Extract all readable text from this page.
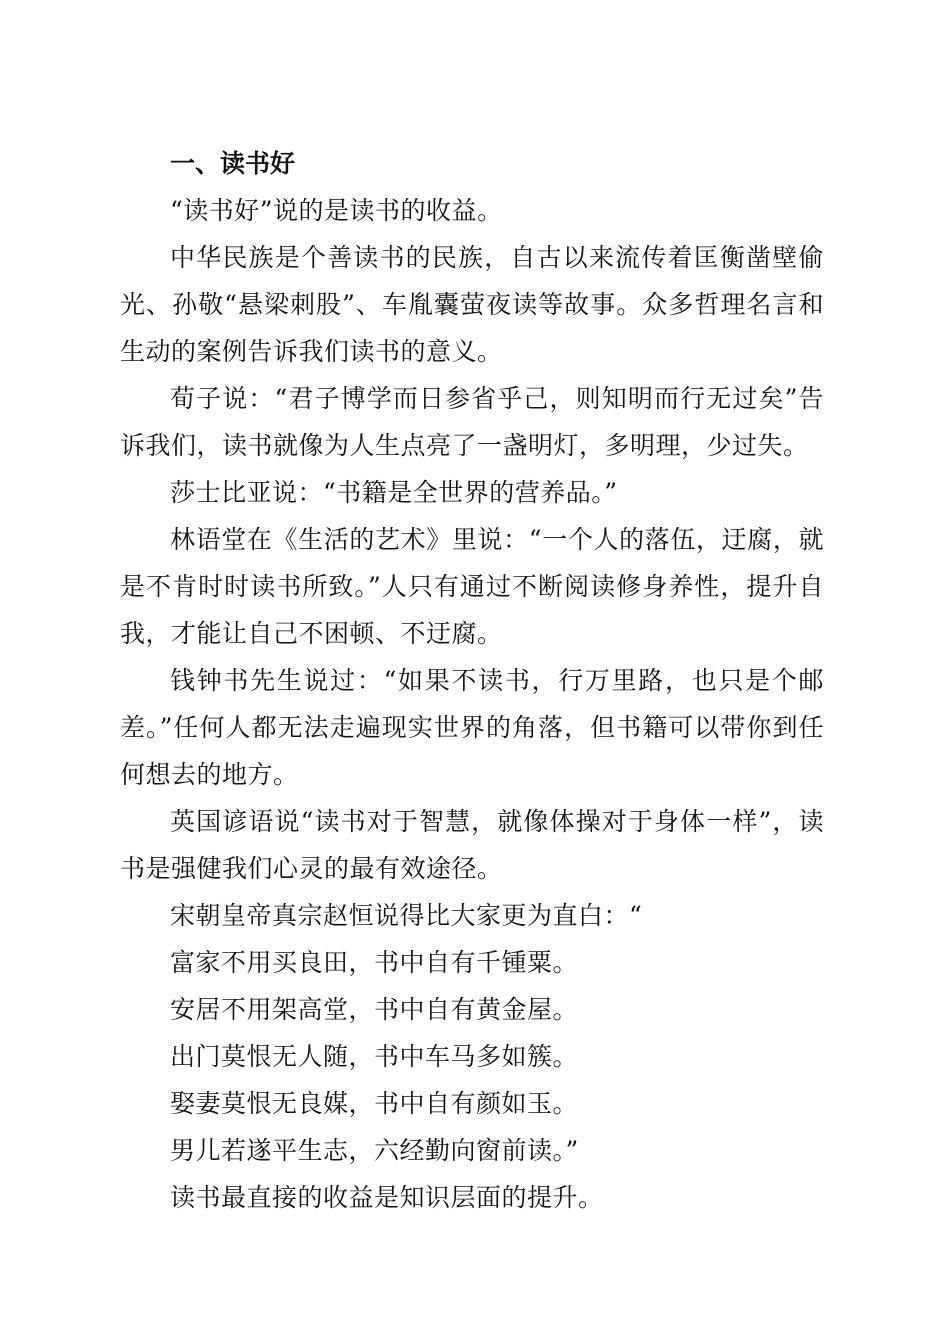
一、读书好

“读书好”说的是读书的收益。

中华民族是个善读书的民族，自古以来流传着匡衡凿壁偷光、孙敬“悬梁刺股”、车胤囊萤夜读等故事。众多哲理名言和生动的案例告诉我们读书的意义。

荀子说：“君子博学而日参省乎己，则知明而行无过矣”告诉我们，读书就像为人生点亮了一盏明灯，多明理，少过失。

莎士比亚说：“书籍是全世界的营养品。”

林语堂在《生活的艺术》里说：“一个人的落伍，迂腐，就是不肯时时读书所致。”人只有通过不断阅读修身养性，提升自我，才能让自己不困顿、不迂腐。

钱钟书先生说过：“如果不读书，行万里路，也只是个邮差。”任何人都无法走遍现实世界的角落，但书籍可以带你到任何想去的地方。

英国谚语说“读书对于智慧，就像体操对于身体一样”，读书是强健我们心灵的最有效途径。

宋朝皇帝真宗赵恒说得比大家更为直白：“

富家不用买良田，书中自有千锺粟。

安居不用架高堂，书中自有黄金屋。

出门莫恨无人随，书中车马多如簇。

娶妻莫恨无良媒，书中自有颜如玉。

男儿若遂平生志，六经勤向窗前读。”

读书最直接的收益是知识层面的提升。
